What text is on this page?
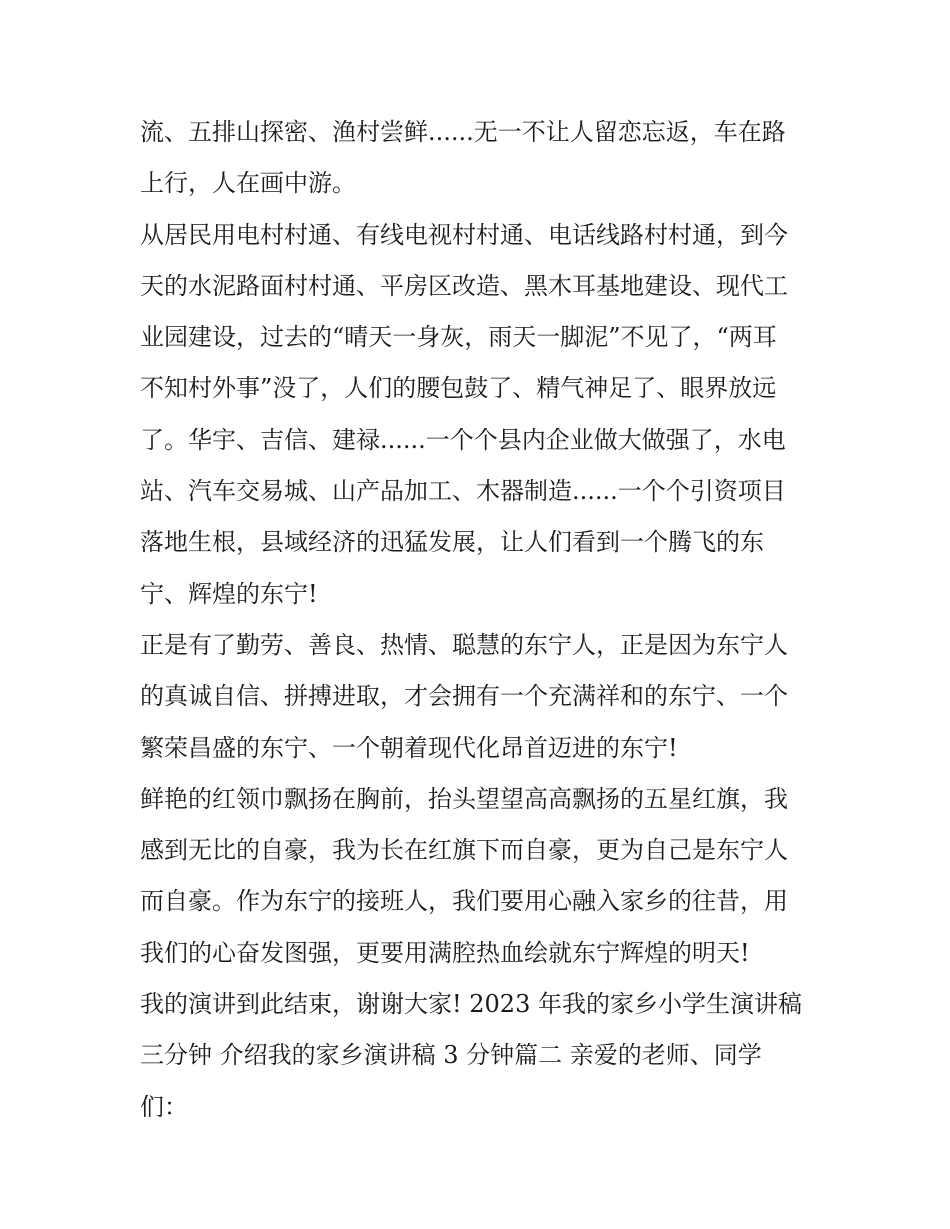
流、五排山探密、渔村尝鲜......无一不让人留恋忘返，车在路
上行，人在画中游。
从居民用电村村通、有线电视村村通、电话线路村村通，到今
天的水泥路面村村通、平房区改造、黑木耳基地建设、现代工
业园建设，过去的“晴天一身灰，雨天一脚泥”不见了，“两耳
不知村外事”没了，人们的腰包鼓了、精气神足了、眼界放远
了。华宇、吉信、建禄......一个个县内企业做大做强了，水电
站、汽车交易城、山产品加工、木器制造......一个个引资项目
落地生根，县域经济的迅猛发展，让人们看到一个腾飞的东
宁、辉煌的东宁!
正是有了勤劳、善良、热情、聪慧的东宁人，正是因为东宁人
的真诚自信、拼搏进取，才会拥有一个充满祥和的东宁、一个
繁荣昌盛的东宁、一个朝着现代化昂首迈进的东宁!
鲜艳的红领巾飘扬在胸前，抬头望望高高飘扬的五星红旗，我
感到无比的自豪，我为长在红旗下而自豪，更为自己是东宁人
而自豪。作为东宁的接班人，我们要用心融入家乡的往昔，用
我们的心奋发图强，更要用满腔热血绘就东宁辉煌的明天!
我的演讲到此结束，谢谢大家! 2023 年我的家乡小学生演讲稿
三分钟 介绍我的家乡演讲稿 3 分钟篇二 亲爱的老师、同学
们：
